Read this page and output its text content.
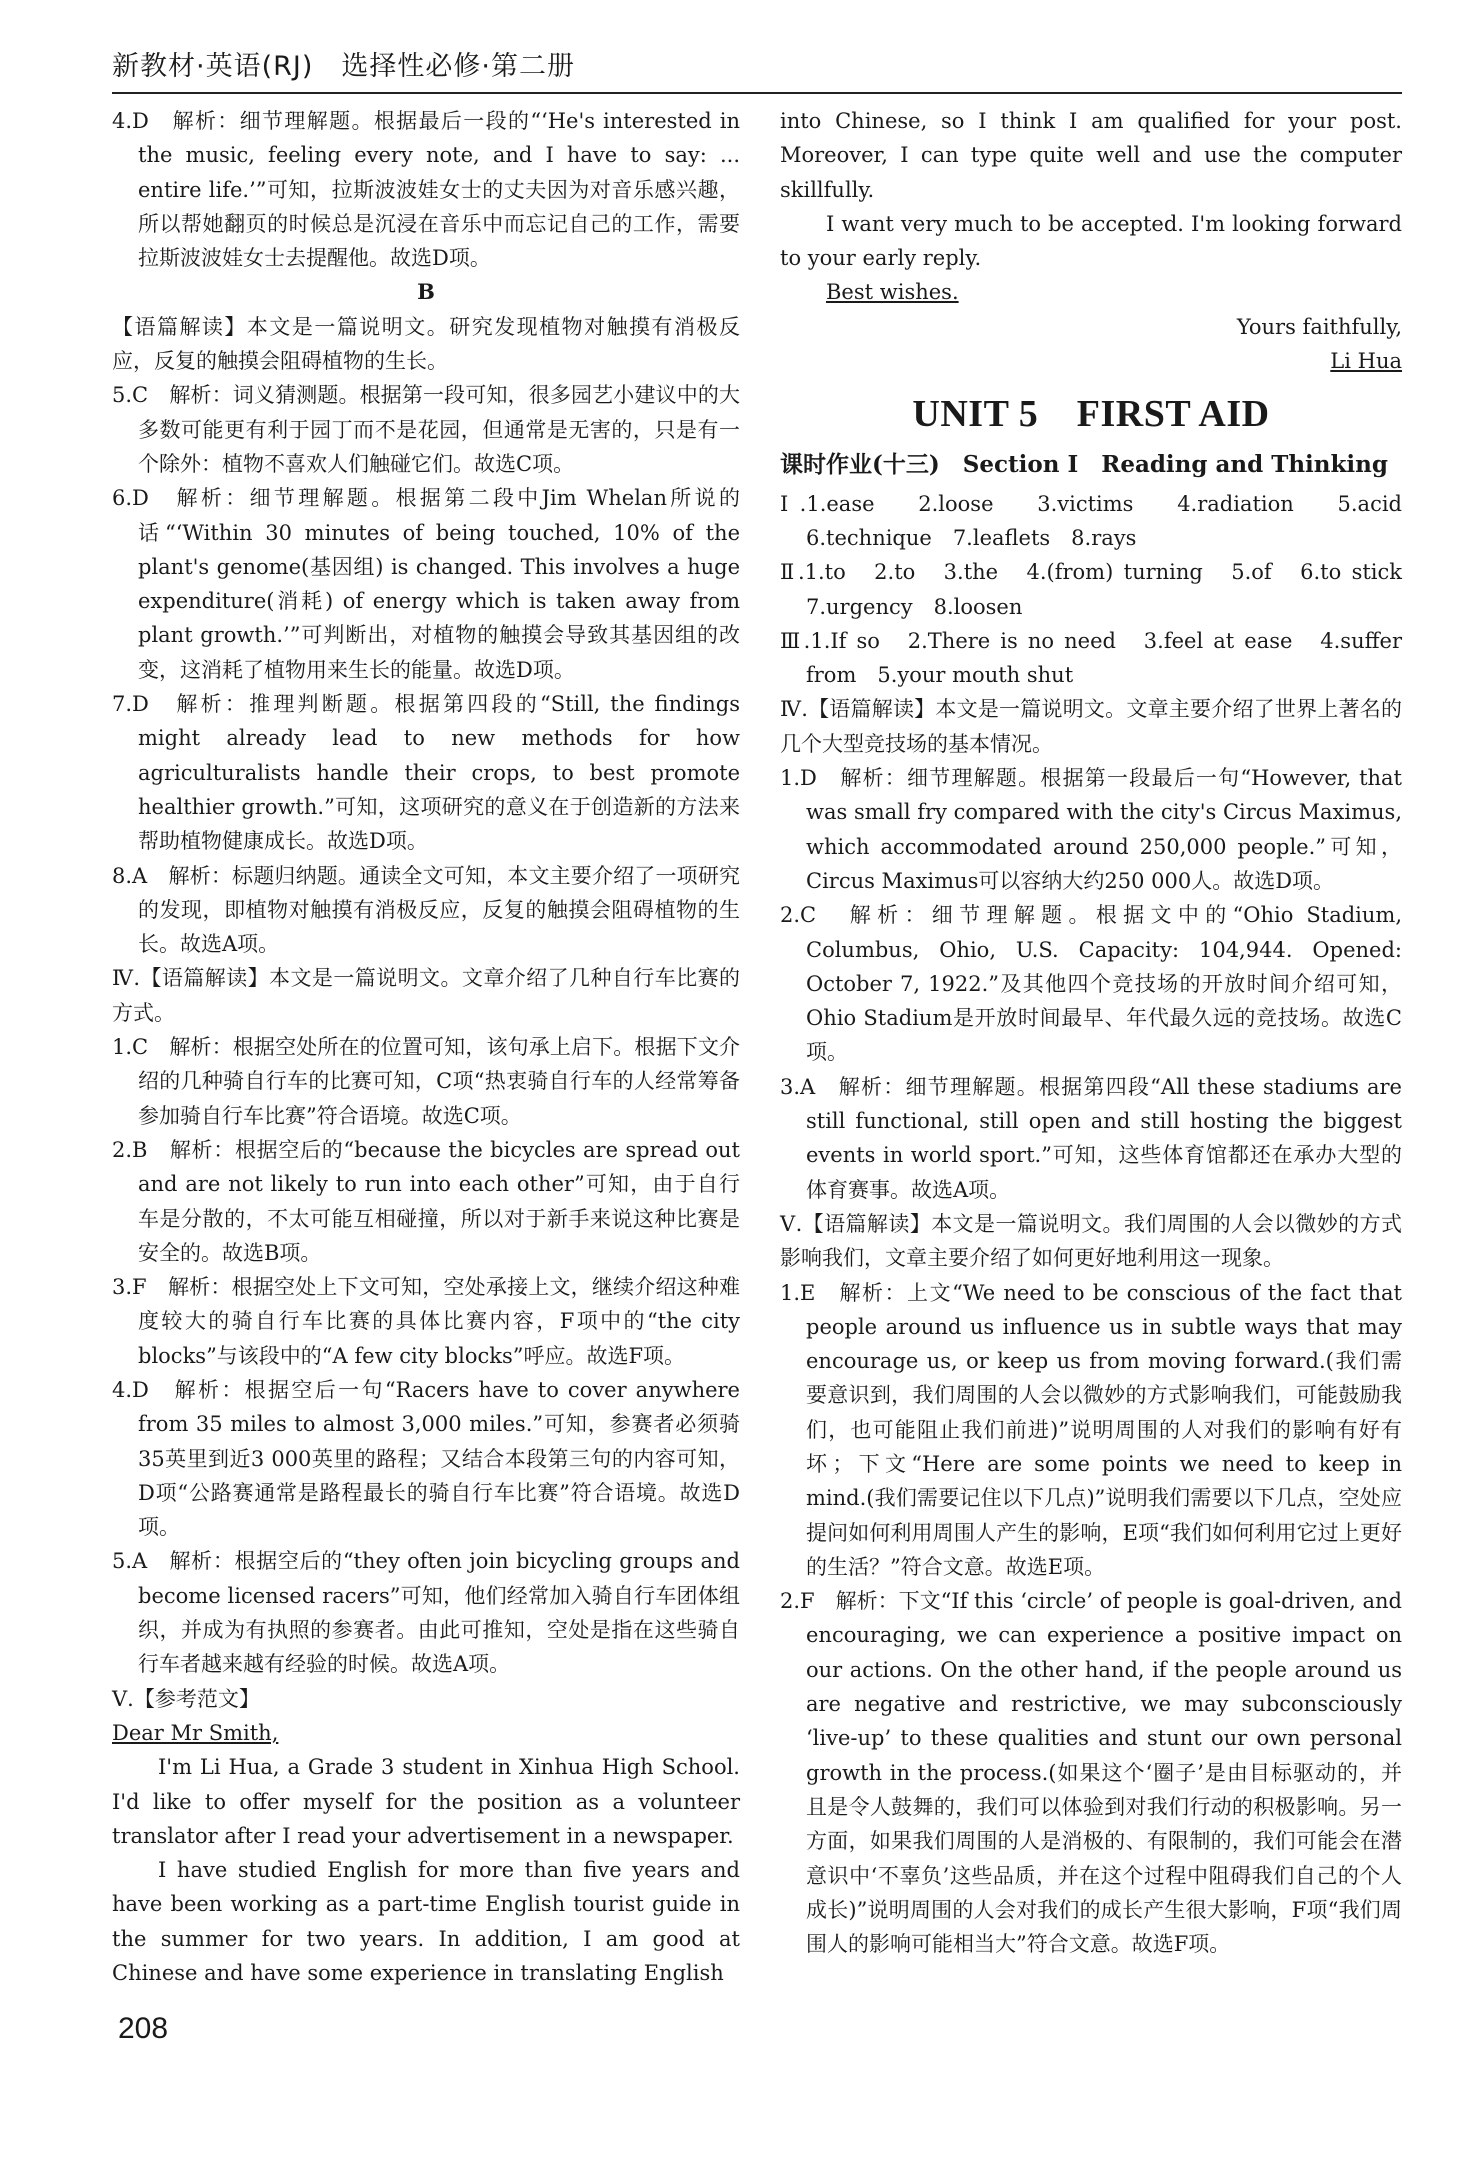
新教材·英语(RJ)　选择性必修·第二册

4.D　解析：细节理解题。根据最后一段的“‘He's interested in the music, feeling every note, and I have to say: ... entire life.’”可知，拉斯波波娃女士的丈夫因为对音乐感兴趣，所以帮她翻页的时候总是沉浸在音乐中而忘记自己的工作，需要拉斯波波娃女士去提醒他。故选D项。

B

【语篇解读】本文是一篇说明文。研究发现植物对触摸有消极反应，反复的触摸会阻碍植物的生长。

5.C　解析：词义猜测题。根据第一段可知，很多园艺小建议中的大多数可能更有利于园丁而不是花园，但通常是无害的，只是有一个除外：植物不喜欢人们触碰它们。故选C项。

6.D　解析：细节理解题。根据第二段中Jim Whelan所说的话“‘Within 30 minutes of being touched, 10% of the plant's genome(基因组) is changed. This involves a huge expenditure(消耗) of energy which is taken away from plant growth.’”可判断出，对植物的触摸会导致其基因组的改变，这消耗了植物用来生长的能量。故选D项。

7.D　解析：推理判断题。根据第四段的“Still, the findings might already lead to new methods for how agriculturalists handle their crops, to best promote healthier growth.”可知，这项研究的意义在于创造新的方法来帮助植物健康成长。故选D项。

8.A　解析：标题归纳题。通读全文可知，本文主要介绍了一项研究的发现，即植物对触摸有消极反应，反复的触摸会阻碍植物的生长。故选A项。

Ⅳ.【语篇解读】本文是一篇说明文。文章介绍了几种自行车比赛的方式。

1.C　解析：根据空处所在的位置可知，该句承上启下。根据下文介绍的几种骑自行车的比赛可知，C项“热衷骑自行车的人经常筹备参加骑自行车比赛”符合语境。故选C项。

2.B　解析：根据空后的“because the bicycles are spread out and are not likely to run into each other”可知，由于自行车是分散的，不太可能互相碰撞，所以对于新手来说这种比赛是安全的。故选B项。

3.F　解析：根据空处上下文可知，空处承接上文，继续介绍这种难度较大的骑自行车比赛的具体比赛内容，F项中的“the city blocks”与该段中的“A few city blocks”呼应。故选F项。

4.D　解析：根据空后一句“Racers have to cover anywhere from 35 miles to almost 3,000 miles.”可知，参赛者必须骑35英里到近3 000英里的路程；又结合本段第三句的内容可知，D项“公路赛通常是路程最长的骑自行车比赛”符合语境。故选D项。

5.A　解析：根据空后的“they often join bicycling groups and become licensed racers”可知，他们经常加入骑自行车团体组织，并成为有执照的参赛者。由此可推知，空处是指在这些骑自行车者越来越有经验的时候。故选A项。

Ⅴ.【参考范文】

Dear Mr Smith,

I'm Li Hua, a Grade 3 student in Xinhua High School. I'd like to offer myself for the position as a volunteer translator after I read your advertisement in a newspaper.

I have studied English for more than five years and have been working as a part-time English tourist guide in the summer for two years. In addition, I am good at Chinese and have some experience in translating English

into Chinese, so I think I am qualified for your post. Moreover, I can type quite well and use the computer skillfully.

I want very much to be accepted. I'm looking forward to your early reply.

Best wishes.

Yours faithfully,

Li Hua

UNIT 5　FIRST AID

课时作业(十三)　Section Ⅰ　Reading and Thinking

Ⅰ.1.ease　2.loose　3.victims　4.radiation　5.acid　6.technique　7.leaflets　8.rays

Ⅱ.1.to　2.to　3.the　4.(from) turning　5.of　6.to stick　7.urgency　8.loosen

Ⅲ.1.If so　2.There is no need　3.feel at ease　4.suffer from　5.your mouth shut

Ⅳ.【语篇解读】本文是一篇说明文。文章主要介绍了世界上著名的几个大型竞技场的基本情况。

1.D　解析：细节理解题。根据第一段最后一句“However, that was small fry compared with the city's Circus Maximus, which accommodated around 250,000 people.”可知，Circus Maximus可以容纳大约250 000人。故选D项。

2.C　解析：细节理解题。根据文中的“Ohio Stadium, Columbus, Ohio, U.S. Capacity: 104,944. Opened: October 7, 1922.”及其他四个竞技场的开放时间介绍可知，Ohio Stadium是开放时间最早、年代最久远的竞技场。故选C项。

3.A　解析：细节理解题。根据第四段“All these stadiums are still functional, still open and still hosting the biggest events in world sport.”可知，这些体育馆都还在承办大型的体育赛事。故选A项。

Ⅴ.【语篇解读】本文是一篇说明文。我们周围的人会以微妙的方式影响我们，文章主要介绍了如何更好地利用这一现象。

1.E　解析：上文“We need to be conscious of the fact that people around us influence us in subtle ways that may encourage us, or keep us from moving forward.(我们需要意识到，我们周围的人会以微妙的方式影响我们，可能鼓励我们，也可能阻止我们前进)”说明周围的人对我们的影响有好有坏；下文“Here are some points we need to keep in mind.(我们需要记住以下几点)”说明我们需要以下几点，空处应提问如何利用周围人产生的影响，E项“我们如何利用它过上更好的生活？”符合文意。故选E项。

2.F　解析：下文“If this ‘circle’ of people is goal-driven, and encouraging, we can experience a positive impact on our actions. On the other hand, if the people around us are negative and restrictive, we may subconsciously ‘live-up’ to these qualities and stunt our own personal growth in the process.(如果这个‘圈子’是由目标驱动的，并且是令人鼓舞的，我们可以体验到对我们行动的积极影响。另一方面，如果我们周围的人是消极的、有限制的，我们可能会在潜意识中‘不辜负’这些品质，并在这个过程中阻碍我们自己的个人成长)”说明周围的人会对我们的成长产生很大影响，F项“我们周围人的影响可能相当大”符合文意。故选F项。

208
